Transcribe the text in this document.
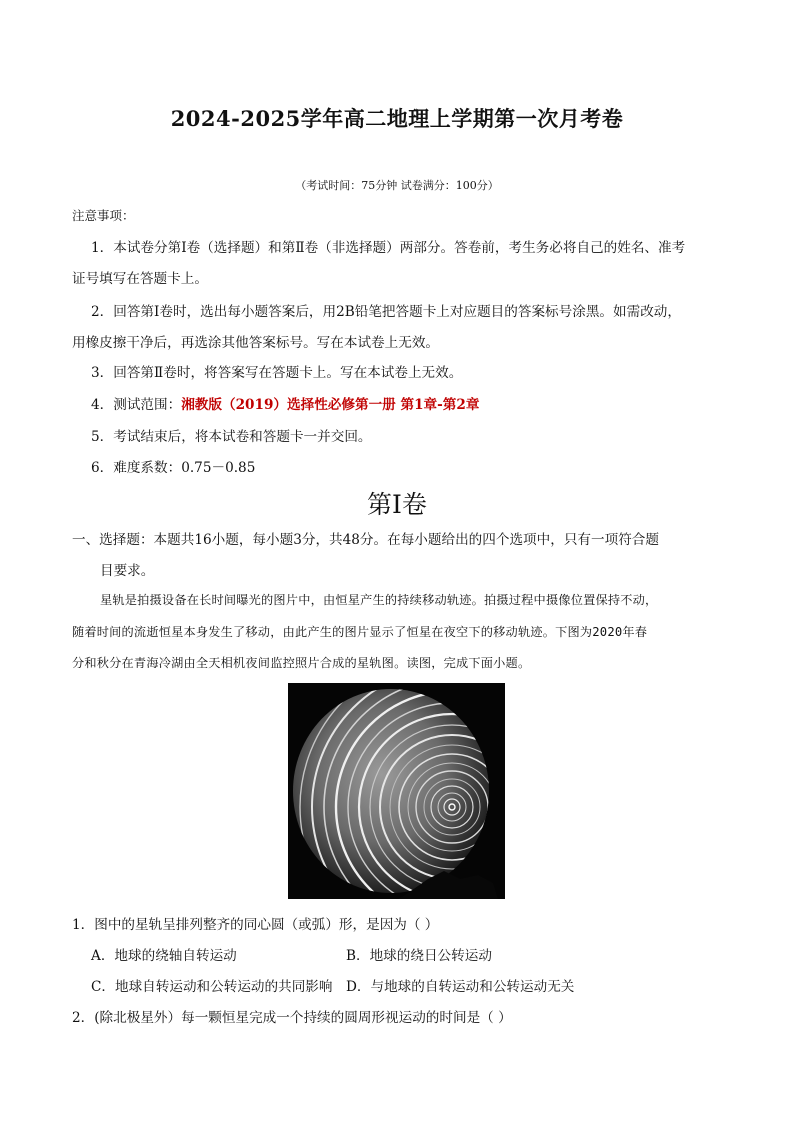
2024-2025学年高二地理上学期第一次月考卷
（考试时间：75分钟 试卷满分：100分）
注意事项：
1．本试卷分第Ⅰ卷（选择题）和第Ⅱ卷（非选择题）两部分。答卷前，考生务必将自己的姓名、准考
证号填写在答题卡上。
2．回答第Ⅰ卷时，选出每小题答案后，用2B铅笔把答题卡上对应题目的答案标号涂黑。如需改动，
用橡皮擦干净后，再选涂其他答案标号。写在本试卷上无效。
3．回答第Ⅱ卷时，将答案写在答题卡上。写在本试卷上无效。
4．测试范围：湘教版（2019）选择性必修第一册 第1章-第2章
5．考试结束后，将本试卷和答题卡一并交回。
6．难度系数：0.75－0.85
第Ⅰ卷
一、选择题：本题共16小题，每小题3分，共48分。在每小题给出的四个选项中，只有一项符合题
目要求。
星轨是拍摄设备在长时间曝光的图片中，由恒星产生的持续移动轨迹。拍摄过程中摄像位置保持不动，
随着时间的流逝恒星本身发生了移动，由此产生的图片显示了恒星在夜空下的移动轨迹。下图为2020年春
分和秋分在青海冷湖由全天相机夜间监控照片合成的星轨图。读图，完成下面小题。
1．图中的星轨呈排列整齐的同心圆（或弧）形，是因为（ ）
A．地球的绕轴自转运动	B．地球的绕日公转运动
C．地球自转运动和公转运动的共同影响 D．与地球的自转运动和公转运动无关
2．(除北极星外）每一颗恒星完成一个持续的圆周形视运动的时间是（ ）
